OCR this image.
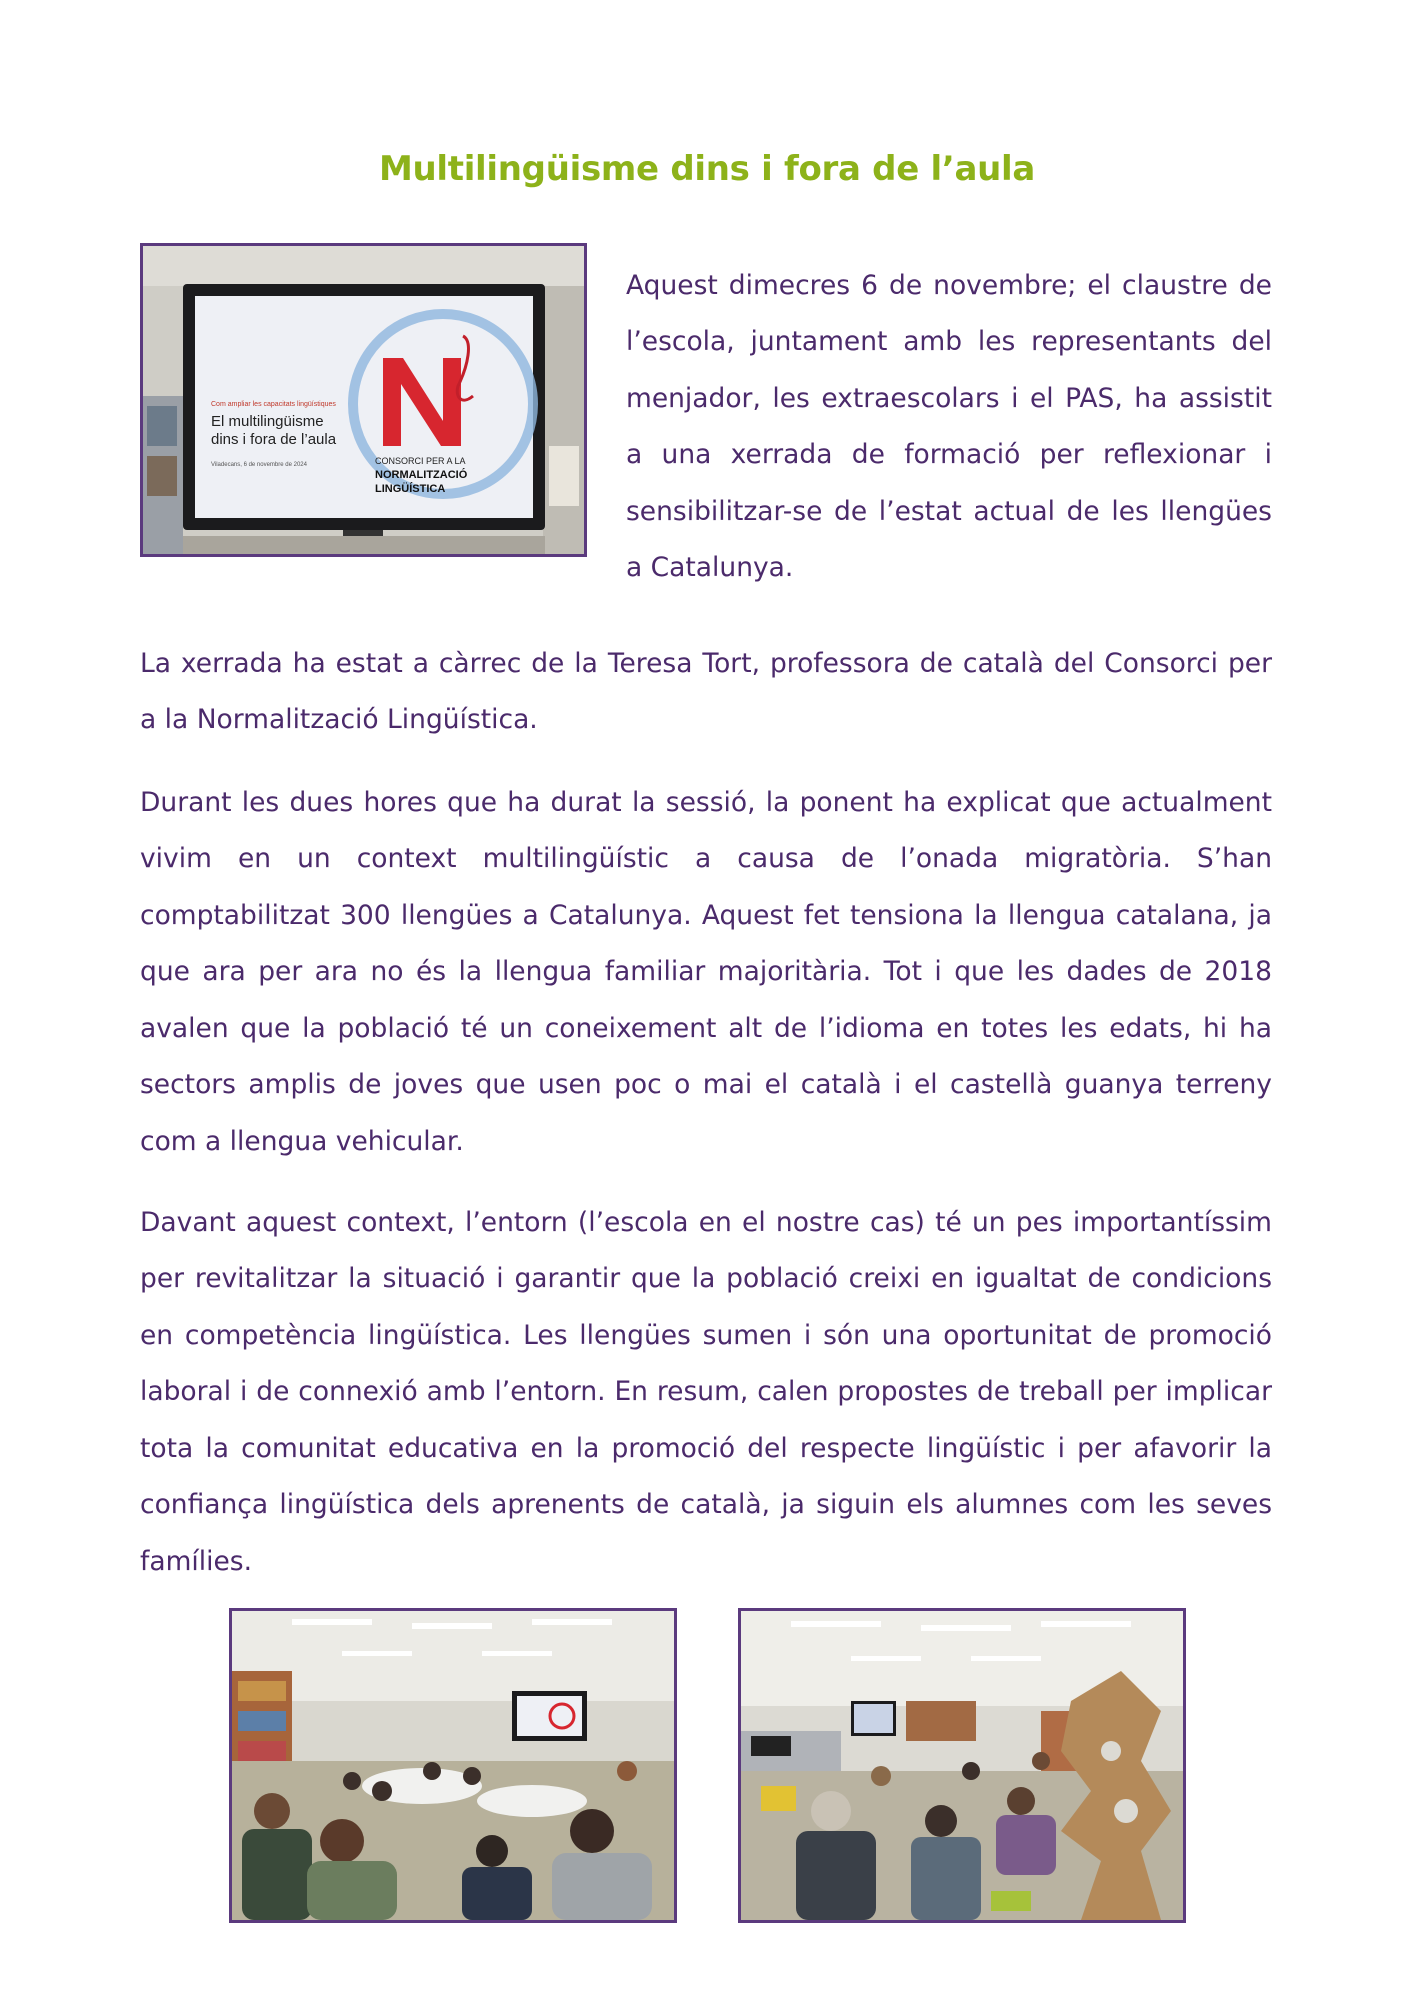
Multilingüisme dins i fora de l’aula
CONSORCI PER A LA
NORMALITZACIÓ
LINGÜÍSTICA
Com ampliar les capacitats lingüístiques
El multilingüisme
dins i fora de l’aula
Viladecans, 6 de novembre de 2024

Aquest dimecres 6 de novembre; el claustre de l’escola, juntament amb les representants del menjador, les extraescolars i el PAS, ha assistit a una xerrada de formació per reflexionar i sensibilitzar-se de l’estat actual de les llengües a Catalunya.

La xerrada ha estat a càrrec de la Teresa Tort, professora de català del Consorci per a la Normalització Lingüística.

Durant les dues hores que ha durat la sessió, la ponent ha explicat que actualment vivim en un context multilingüístic a causa de l’onada migratòria. S’han comptabilitzat 300 llengües a Catalunya. Aquest fet tensiona la llengua catalana, ja que ara per ara no és la llengua familiar majoritària. Tot i que les dades de 2018 avalen que la població té un coneixement alt de l’idioma en totes les edats, hi ha sectors amplis de joves que usen poc o mai el català i el castellà guanya terreny com a llengua vehicular.

Davant aquest context, l’entorn (l’escola en el nostre cas) té un pes importantíssim per revitalitzar la situació i garantir que la població creixi en igualtat de condicions en competència lingüística. Les llengües sumen i són una oportunitat de promoció laboral i de connexió amb l’entorn. En resum, calen propostes de treball per implicar tota la comunitat educativa en la promoció del respecte lingüístic i per afavorir la confiança lingüística dels aprenents de català, ja siguin els alumnes com les seves famílies.
